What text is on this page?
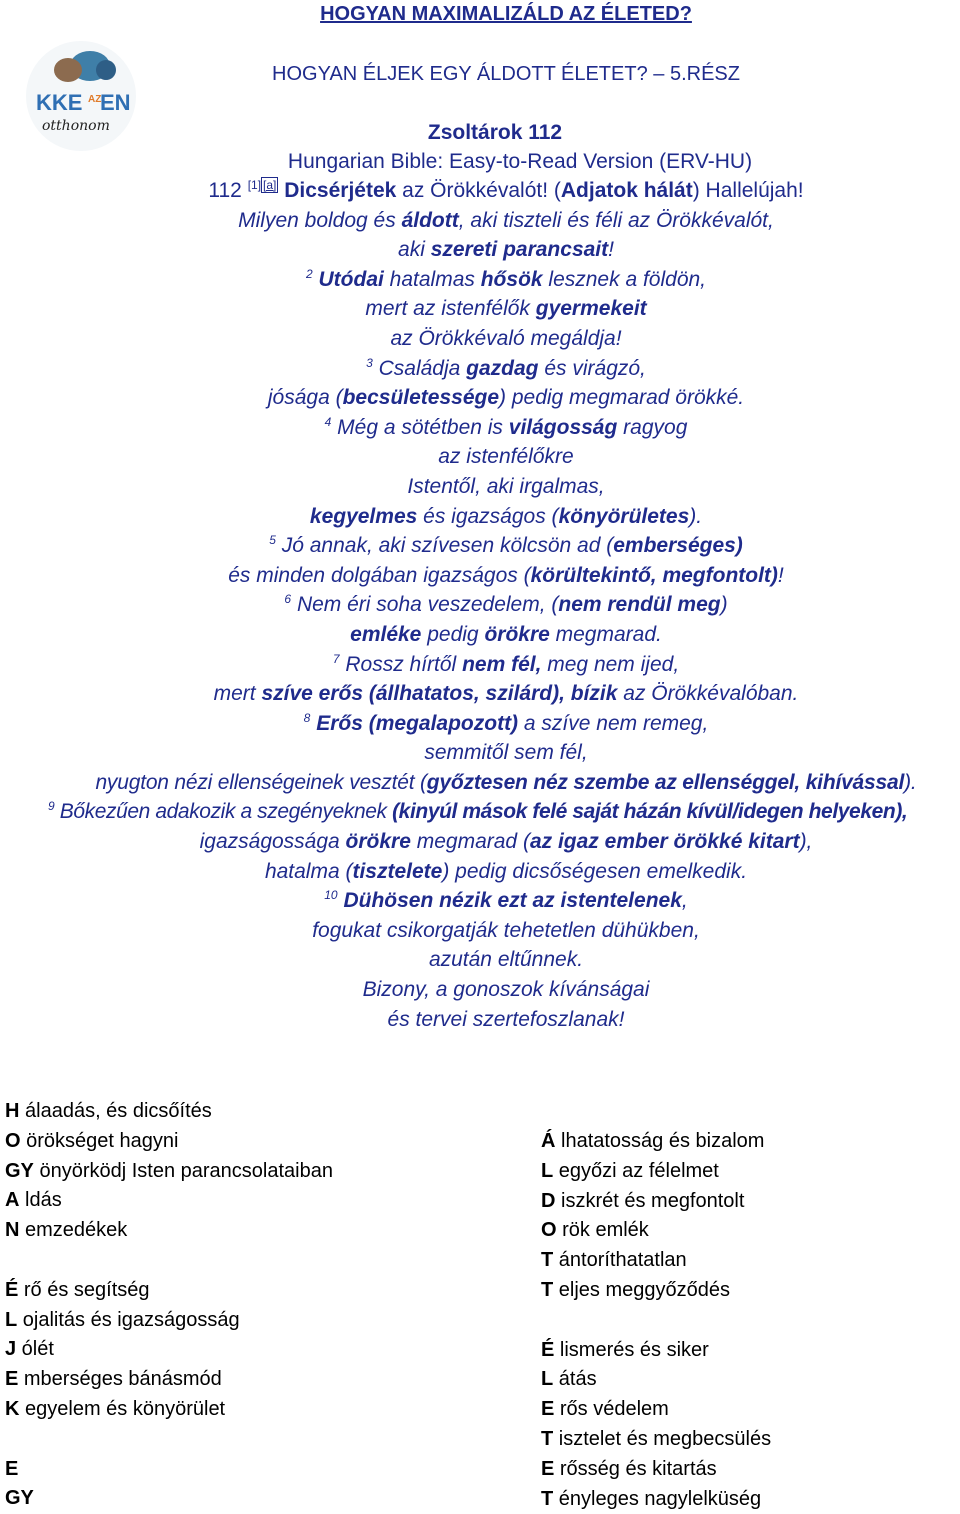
HOGYAN MAXIMALIZÁLD AZ ÉLETED?
HOGYAN ÉLJEK EGY ÁLDOTT ÉLETET? – 5.RÉSZ
KKE AZ
EN
otthonom	Zsoltárok 112
Hungarian Bible: Easy-to-Read Version (ERV-HU)
112 [1] [a] Dicsérjétek az Örökkévalót! (Adjatok hálát) Hallelújah!
Milyen boldog és áldott, aki tiszteli és féli az Örökkévalót,
aki szereti parancsait!
$^2$ Utódai hatalmas hősök lesznek a földön,
mert az istenfélők gyermekeit
az Örökkévaló megáldja!
$^3$ Családja gazdag és virágzó,
jósága (becsületessége) pedig megmarad örökké.
$^4$ Még a sötétben is világosság ragyog
az istenfélőkre
Istentől, aki irgalmas,
kegyelmes és igazságos (könyörületes).
$^5$ Jó annak, aki szívesen kölcsön ad (emberséges)
és minden dolgában igazságos (körültekintő, megfontolt)!
$^6$ Nem éri soha veszedelem, (nem rendül meg)
emléke pedig örökre megmarad.
$^7$ Rossz hírtől nem fél, meg nem ijed,
mert szíve erős (állhatatos, szilárd), bízik az Örökkévalóban.
$^8$ Erős (megalapozott) a szíve nem remeg,
semmitől sem fél,
nyugton nézi ellenségeinek vesztét (győztesen néz szembe az ellenséggel, kihívással).
$^9$ Bőkezűen adakozik a szegényeknek (kinyúl mások felé saját házán kívül/idegen helyeken),
igazságossága örökre megmarad (az igaz ember örökké kitart),
hatalma (tisztelete) pedig dicsőségesen emelkedik.
$^{10}$ Dühösen nézik ezt az istentelenek,
fogukat csikorgatják tehetetlen dühükben,
azután eltűnnek.
Bizony, a gonoszok kívánságai
és tervei szertefoszlanak!
H álaadás, és dicsőítés
O örökséget hagyni
GY önyörködj Isten parancsolataiban
A ldás
N emzedékek
É rő és segítség
L ojalitás és igazságosság
J ólét
E mberséges bánásmód
K egyelem és könyörület
E
GY
Á lhatatosság és bizalom
L egyőzi az félelmet
D iszkrét és megfontolt
O rök emlék
T ántoríthatatlan
T eljes meggyőződés
É lismerés és siker
L átás
E rős védelem
T isztelet és megbecsülés
E rősség és kitartás
T ényleges nagylelküség
